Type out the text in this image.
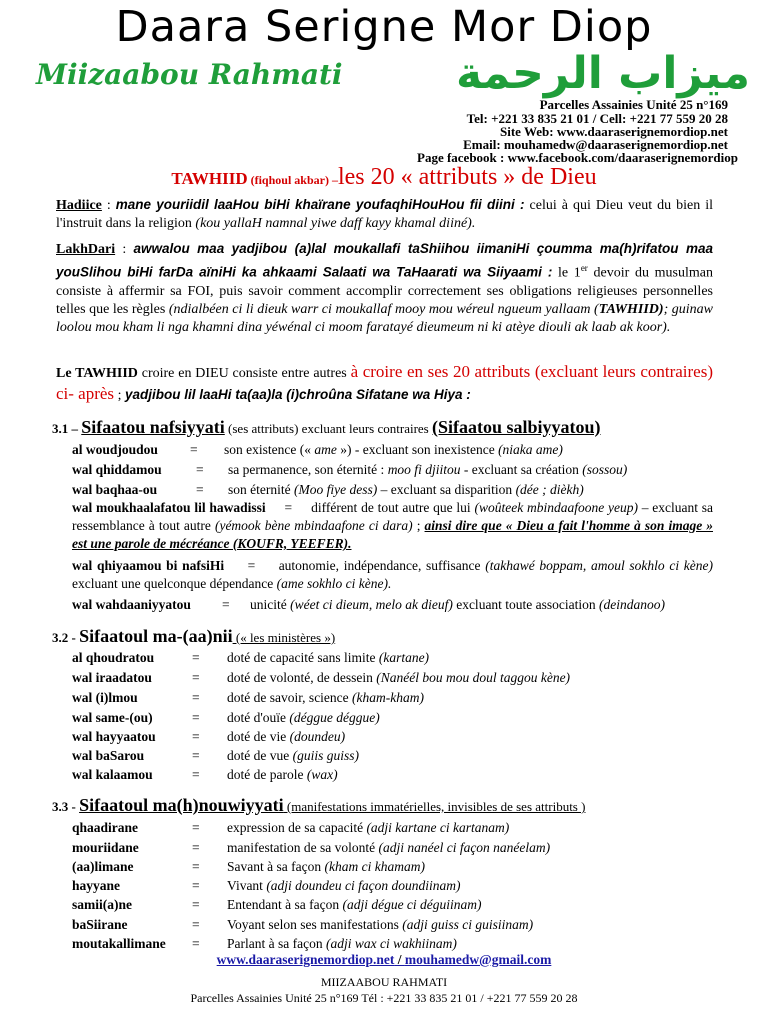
Daara Serigne Mor Diop
Miizaabou Rahmati	ميزاب الرحمة
Parcelles Assainies Unité 25 n°169
Tel: +221 33 835 21 01 / Cell: +221 77 559 20 28
Site Web: www.daaraserignemordiop.net
Email: mouhamedw@daaraserignemordiop.net
Page facebook : www.facebook.com/daaraserignemordiop
TAWHIID (fiqhoul akbar) –les 20 « attributs » de Dieu
Hadiice : mane youriidil laaHou biHi khaïrane youfaqhiHouHou fii diini : celui à qui Dieu veut du bien il l'instruit dans la religion (kou yallaH namnal yiwe daff kayy khamal diiné).
LakhDari : awwalou maa yadjibou (a)lal moukallafi taShiihou iimaniHi çoumma ma(h)rifatou maa youSlihou biHi farDa aïniHi ka ahkaami Salaati wa TaHaarati wa Siiyaami : le 1er devoir du musulman consiste à affermir sa FOI, puis savoir comment accomplir correctement ses obligations religieuses personnelles telles que les règles (ndialbéen ci li dieuk warr ci moukallaf mooy mou wéreul ngueum yallaam (TAWHIID); guinaw loolou mou kham li nga khamni dina yéwénal ci moom faratayé dieumeum ni ki atèye diouli ak laab ak koor).
Le TAWHIID croire en DIEU consiste entre autres à croire en ses 20 attributs (excluant leurs contraires) ci- après ; yadjibou lil laaHi ta(aa)la (i)chroûna Sifatane wa Hiya :
3.1 – Sifaatou nafsiyyati (ses attributs) excluant leurs contraires (Sifaatou salbiyyatou)
al woudjoudou = son existence (« ame ») - excluant son inexistence (niaka ame)
wal qhiddamou	= sa permanence, son éternité : moo fi djiitou - excluant sa création (sossou)
wal baqhaa-ou	= son éternité (Moo fiye dess) – excluant sa disparition (dée ; dièkh)
wal moukhaalafatou lil hawadissi = différent de tout autre que lui (woûteek mbindaafoone yeup) – excluant sa ressemblance à tout autre (yémook bène mbindaafone ci dara) ; ainsi dire que « Dieu a fait l'homme à son image » est une parole de mécréance (KOUFR, YEEFER).
wal qhiyaamou bi nafsiHi = autonomie, indépendance, suffisance (takhawé boppam, amoul sokhlo ci kène) excluant une quelconque dépendance (ame sokhlo ci kène).
wal wahdaaniyyatou = unicité (wéet ci dieum, melo ak dieuf) excluant toute association (deindanoo)
3.2 - Sifaatoul ma-(aa)nii (« les ministères »)
al qhoudratou	= doté de capacité sans limite (kartane)
wal iraadatou	= doté de volonté, de dessein (Nanéél bou mou doul taggou kène)
wal (i)lmou	= doté de savoir, science (kham-kham)
wal same-(ou)	= doté d'ouïe (déggue déggue)
wal hayyaatou	= doté de vie (doundeu)
wal baSarou	= doté de vue (guiis guiss)
wal kalaamou	= doté de parole (wax)
3.3 - Sifaatoul ma(h)nouwiyyati (manifestations immatérielles, invisibles de ses attributs )
qhaadirane	= expression de sa capacité (adji kartane ci kartanam)
mouriidane	= manifestation de sa volonté (adji nanéel ci façon nanéelam)
(aa)limane	= Savant à sa façon (kham ci khamam)
hayyane	= Vivant (adji doundeu ci façon doundiinam)
samii(a)ne	= Entendant à sa façon (adji dégue ci déguiinam)
baSiirane	= Voyant selon ses manifestations (adji guiss ci guisiinam)
moutakallimane = Parlant à sa façon (adji wax ci wakhiinam)
www.daaraserignemordiop.net / mouhamedw@gmail.com
MIIZAABOU RAHMATI
Parcelles Assainies Unité 25 n°169 Tél : +221 33 835 21 01 / +221 77 559 20 28
